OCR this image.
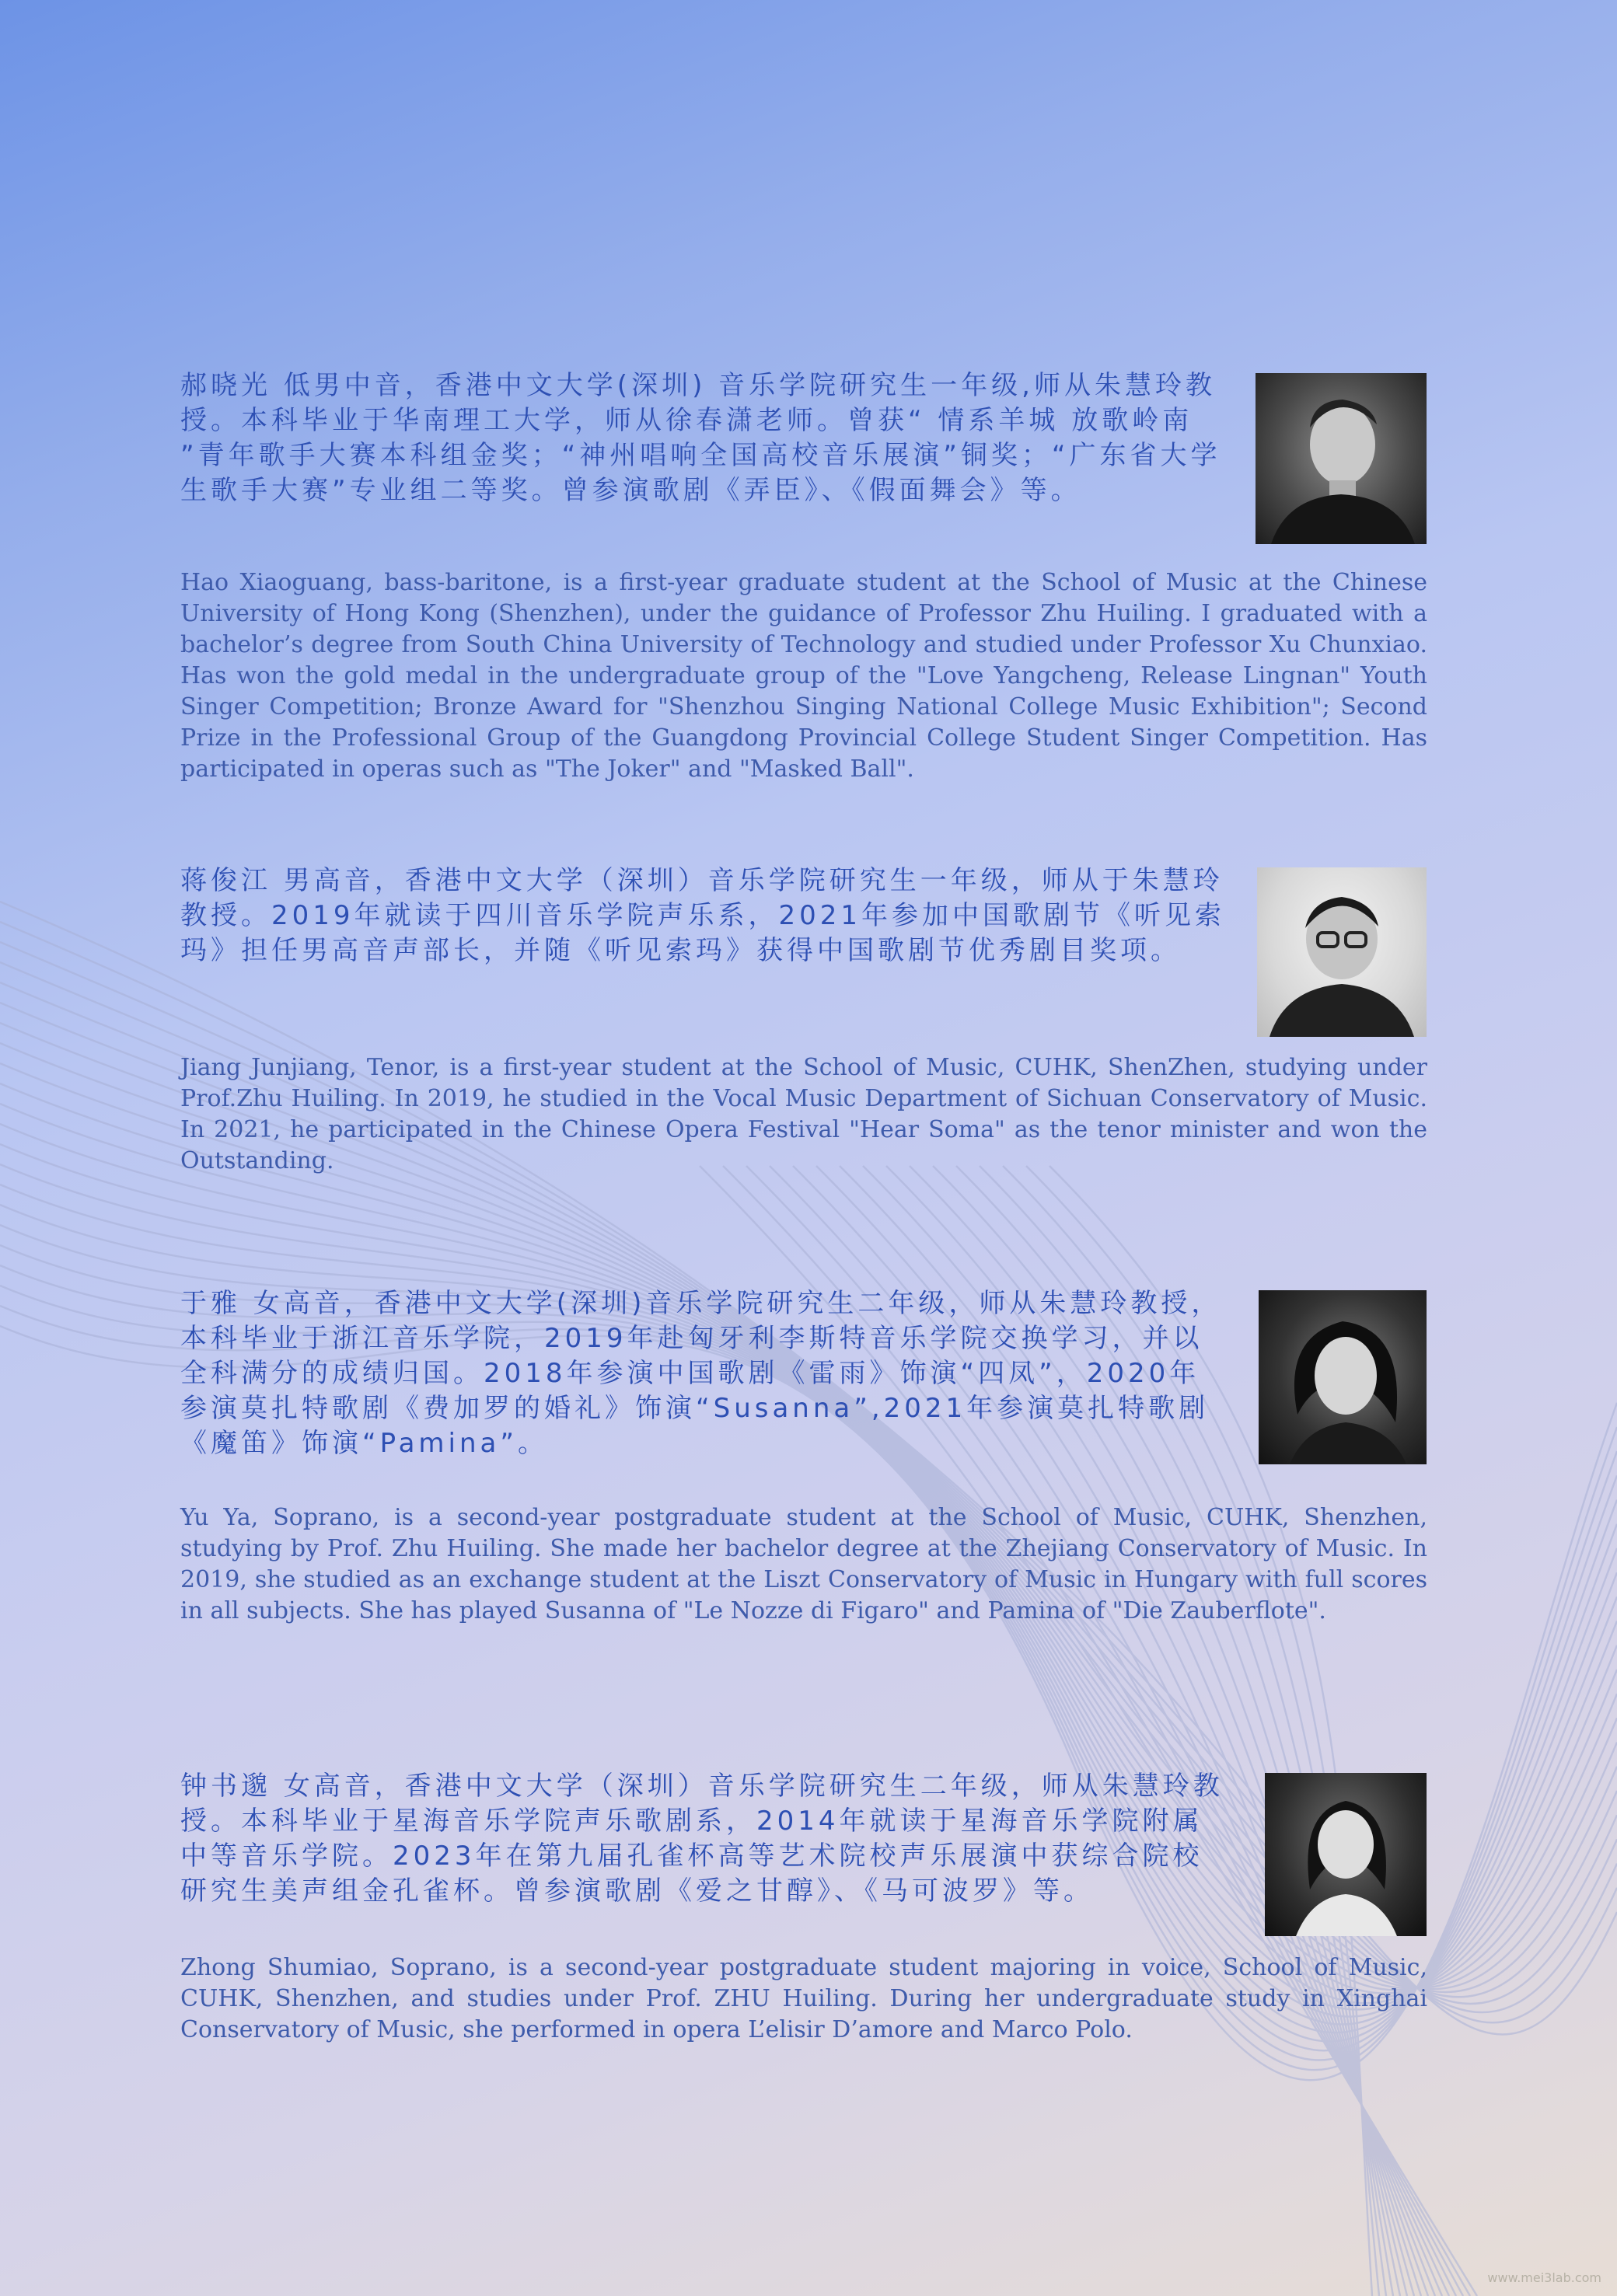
郝晓光 低男中音，香港中文大学(深圳) 音乐学院研究生一年级,师从朱慧玲教授。本科毕业于华南理工大学，师从徐春潇老师。曾获“ 情系羊城 放歌岭南 ”青年歌手大赛本科组金奖；“神州唱响全国高校音乐展演”铜奖；“广东省大学生歌手大赛”专业组二等奖。曾参演歌剧《弄臣》、《假面舞会》等。

Hao Xiaoguang, bass-baritone, is a first-year graduate student at the School of Music at the Chinese University of Hong Kong (Shenzhen), under the guidance of Professor Zhu Huiling. I graduated with a bachelor’s degree from South China University of Technology and studied under Professor Xu Chunxiao. Has won the gold medal in the undergraduate group of the "Love Yangcheng, Release Lingnan" Youth Singer Competition; Bronze Award for "Shenzhou Singing National College Music Exhibition"; Second Prize in the Professional Group of the Guangdong Provincial College Student Singer Competition. Has participated in operas such as "The Joker" and "Masked Ball".

蒋俊江 男高音，香港中文大学（深圳）音乐学院研究生一年级，师从于朱慧玲教授。2019年就读于四川音乐学院声乐系，2021年参加中国歌剧节《听见索玛》担任男高音声部长，并随《听见索玛》获得中国歌剧节优秀剧目奖项。

Jiang Junjiang, Tenor, is a first-year student at the School of Music, CUHK, ShenZhen, studying under Prof.Zhu Huiling. In 2019, he studied in the Vocal Music Department of Sichuan Conservatory of Music. In 2021, he participated in the Chinese Opera Festival "Hear Soma" as the tenor minister and won the Outstanding.

于雅 女高音，香港中文大学(深圳)音乐学院研究生二年级，师从朱慧玲教授，本科毕业于浙江音乐学院，2019年赴匈牙利李斯特音乐学院交换学习，并以全科满分的成绩归国。2018年参演中国歌剧《雷雨》饰演“四凤”，2020年参演莫扎特歌剧《费加罗的婚礼》饰演“Susanna”,2021年参演莫扎特歌剧《魔笛》饰演“Pamina”。

Yu Ya, Soprano, is a second-year postgraduate student at the School of Music, CUHK, Shenzhen, studying by Prof. Zhu Huiling. She made her bachelor degree at the Zhejiang Conservatory of Music. In 2019, she studied as an exchange student at the Liszt Conservatory of Music in Hungary with full scores in all subjects. She has played Susanna of "Le Nozze di Figaro" and Pamina of "Die Zauberflote".

钟书邈 女高音，香港中文大学（深圳）音乐学院研究生二年级，师从朱慧玲教授。本科毕业于星海音乐学院声乐歌剧系，2014年就读于星海音乐学院附属中等音乐学院。2023年在第九届孔雀杯高等艺术院校声乐展演中获综合院校研究生美声组金孔雀杯。曾参演歌剧《爱之甘醇》、《马可波罗》等。

Zhong Shumiao, Soprano, is a second-year postgraduate student majoring in voice, School of Music, CUHK, Shenzhen, and studies under Prof. ZHU Huiling. During her undergraduate study in Xinghai Conservatory of Music, she performed in opera L’elisir D’amore and Marco Polo.

www.mei3lab.com
